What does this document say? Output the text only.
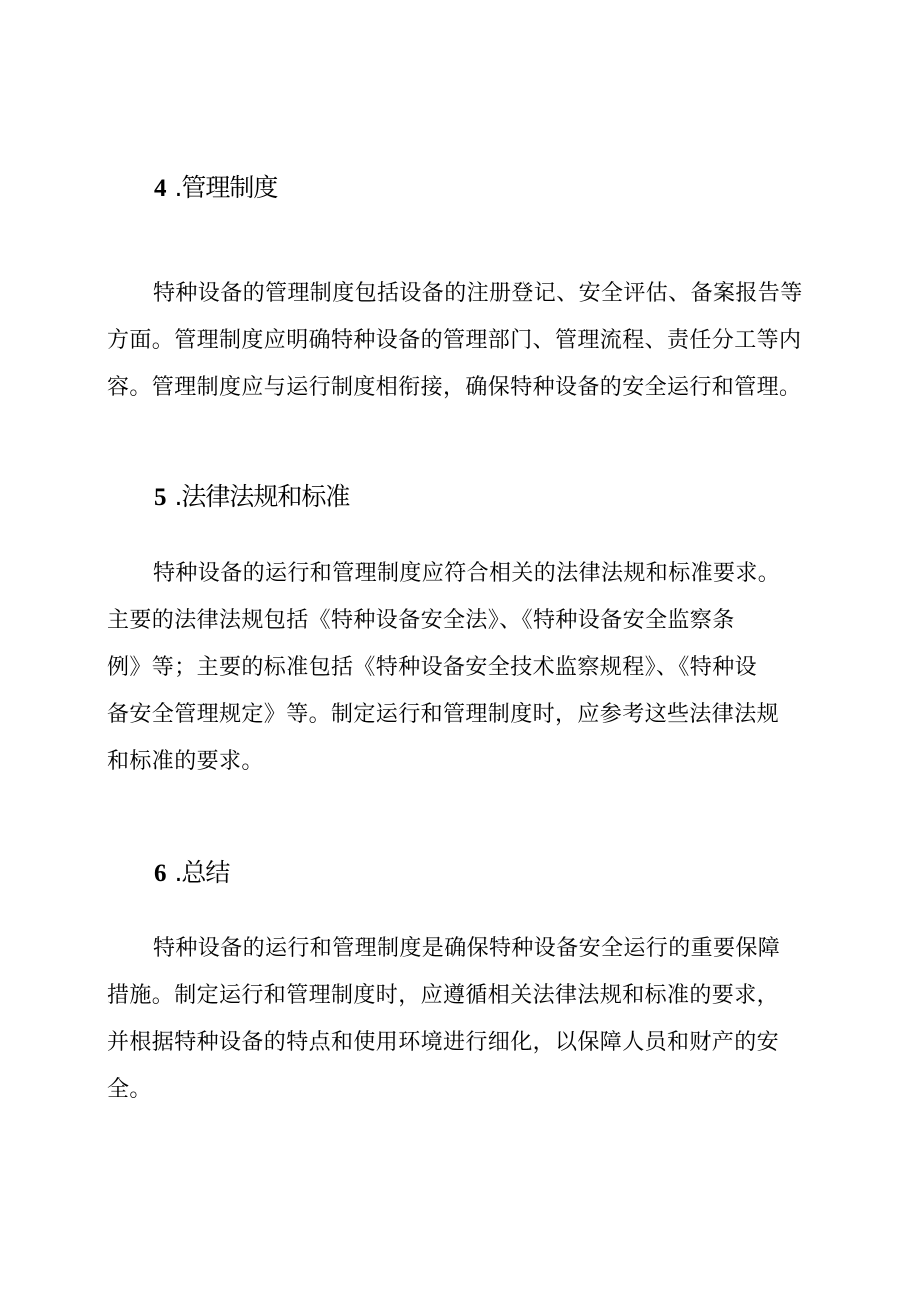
4 .管理制度

特种设备的管理制度包括设备的注册登记、安全评估、备案报告等
方面。管理制度应明确特种设备的管理部门、管理流程、责任分工等内
容。管理制度应与运行制度相衔接，确保特种设备的安全运行和管理。

5 .法律法规和标准

特种设备的运行和管理制度应符合相关的法律法规和标准要求。
主要的法律法规包括《特种设备安全法》、《特种设备安全监察条
例》等；主要的标准包括《特种设备安全技术监察规程》、《特种设
备安全管理规定》等。制定运行和管理制度时，应参考这些法律法规
和标准的要求。

6 .总结

特种设备的运行和管理制度是确保特种设备安全运行的重要保障
措施。制定运行和管理制度时，应遵循相关法律法规和标准的要求，
并根据特种设备的特点和使用环境进行细化，以保障人员和财产的安
全。
